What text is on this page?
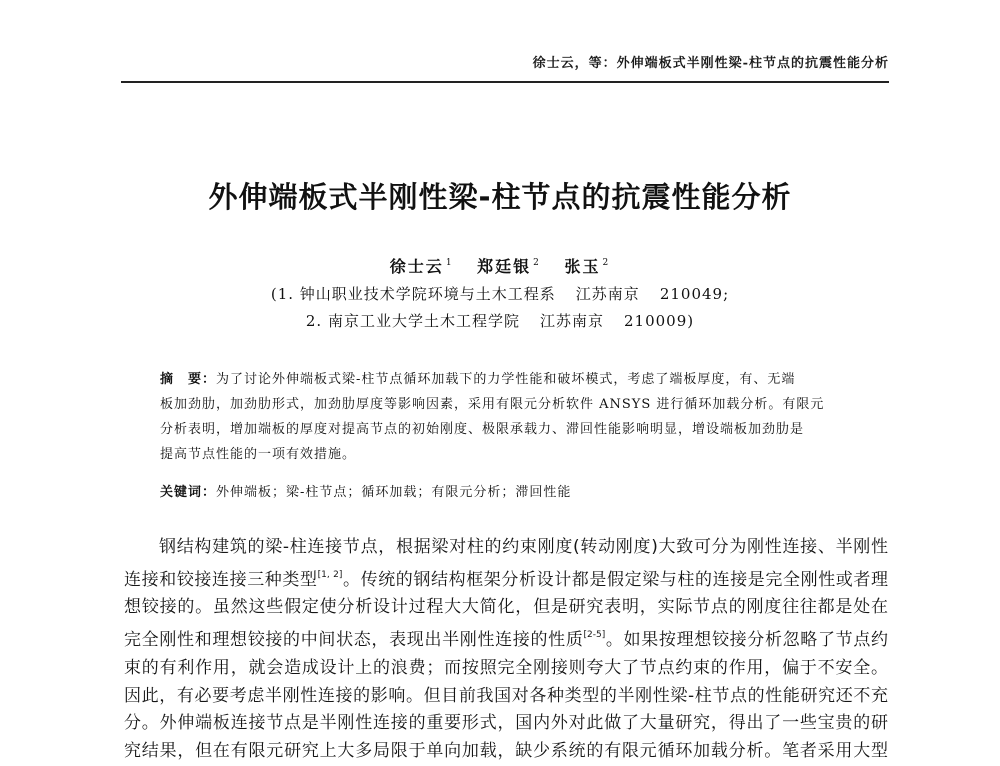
徐士云，等：外伸端板式半刚性梁-柱节点的抗震性能分析
外伸端板式半刚性梁-柱节点的抗震性能分析
徐士云 $^1$ 郑廷银 $^2$ 张玉 $^2$
(1. 钟山职业技术学院环境与土木工程系 江苏南京 210049;
2. 南京工业大学土木工程学院 江苏南京 210009)
摘　要：为了讨论外伸端板式梁-柱节点循环加载下的力学性能和破坏模式，考虑了端板厚度，有、无端
板加劲肋，加劲肋形式，加劲肋厚度等影响因素，采用有限元分析软件 ANSYS 进行循环加载分析。有限元
分析表明，增加端板的厚度对提高节点的初始刚度、极限承载力、滞回性能影响明显，增设端板加劲肋是
提高节点性能的一项有效措施。
关键词：外伸端板；梁-柱节点；循环加载；有限元分析；滞回性能
钢结构建筑的梁-柱连接节点，根据梁对柱的约束刚度(转动刚度)大致可分为刚性连接、半刚性
连接和铰接连接三种类型[1, 2]。传统的钢结构框架分析设计都是假定梁与柱的连接是完全刚性或者理
想铰接的。虽然这些假定使分析设计过程大大简化，但是研究表明，实际节点的刚度往往都是处在
完全刚性和理想铰接的中间状态，表现出半刚性连接的性质[2-5]。如果按理想铰接分析忽略了节点约
束的有利作用，就会造成设计上的浪费；而按照完全刚接则夸大了节点约束的作用，偏于不安全。
因此，有必要考虑半刚性连接的影响。但目前我国对各种类型的半刚性梁-柱节点的性能研究还不充
分。外伸端板连接节点是半刚性连接的重要形式，国内外对此做了大量研究，得出了一些宝贵的研
究结果，但在有限元研究上大多局限于单向加载，缺少系统的有限元循环加载分析。笔者采用大型
